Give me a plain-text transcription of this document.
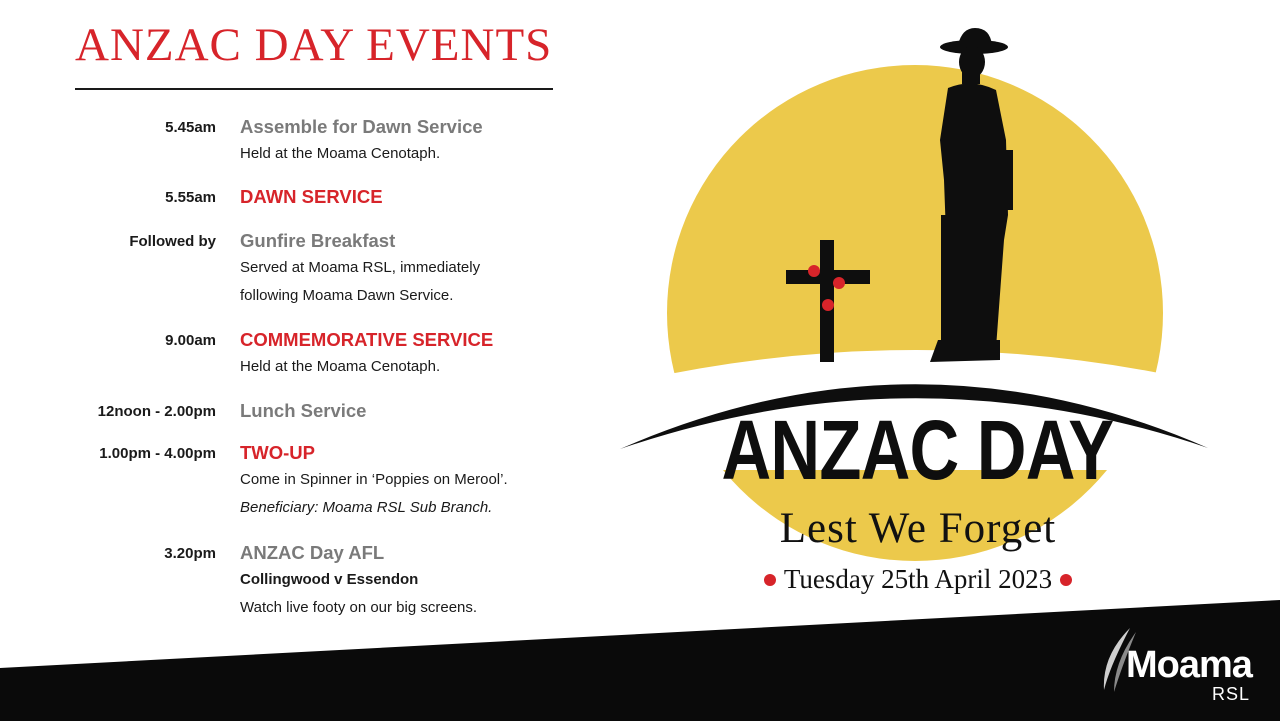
ANZAC DAY EVENTS
5.45am Assemble for Dawn Service
Held at the Moama Cenotaph.
5.55am DAWN SERVICE
Followed by Gunfire Breakfast
Served at Moama RSL, immediately
following Moama Dawn Service.
9.00am COMMEMORATIVE SERVICE
Held at the Moama Cenotaph.
12noon - 2.00pm Lunch Service
1.00pm - 4.00pm TWO-UP
Come in Spinner in ‘Poppies on Merool’.
Beneficiary: Moama RSL Sub Branch.
3.20pm ANZAC Day AFL
Collingwood v Essendon
Watch live footy on our big screens.
ANZAC DAY
Lest We Forget
Tuesday 25th April 2023
Moama
RSL
